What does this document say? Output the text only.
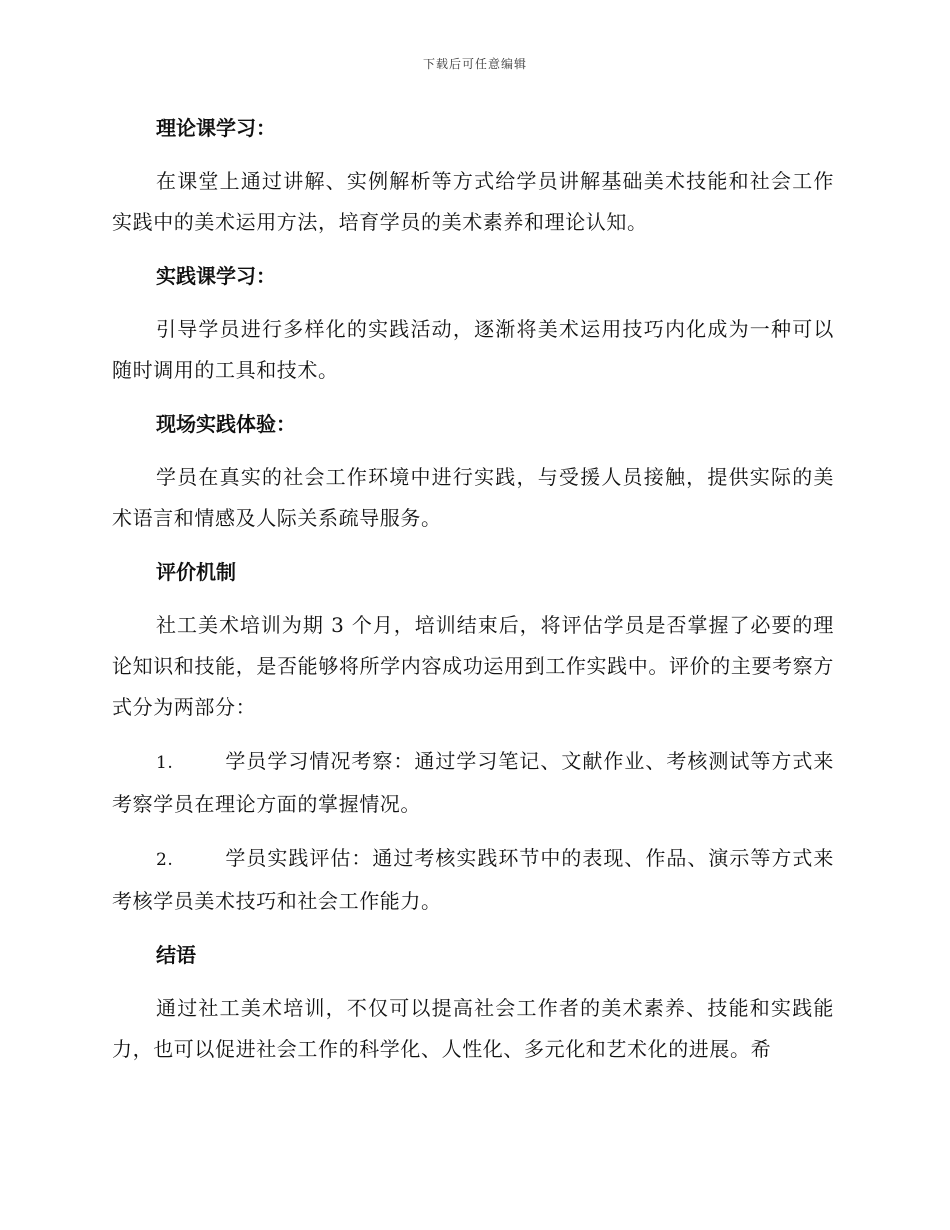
下载后可任意编辑

理论课学习：

在课堂上通过讲解、实例解析等方式给学员讲解基础美术技能和社会工作实践中的美术运用方法，培育学员的美术素养和理论认知。

实践课学习：

引导学员进行多样化的实践活动，逐渐将美术运用技巧内化成为一种可以随时调用的工具和技术。

现场实践体验：

学员在真实的社会工作环境中进行实践，与受援人员接触，提供实际的美术语言和情感及人际关系疏导服务。

评价机制

社工美术培训为期 3 个月，培训结束后，将评估学员是否掌握了必要的理论知识和技能，是否能够将所学内容成功运用到工作实践中。评价的主要考察方式分为两部分：

1.	学员学习情况考察：通过学习笔记、文献作业、考核测试等方式来考察学员在理论方面的掌握情况。

2.	学员实践评估：通过考核实践环节中的表现、作品、演示等方式来考核学员美术技巧和社会工作能力。

结语

通过社工美术培训，不仅可以提高社会工作者的美术素养、技能和实践能力，也可以促进社会工作的科学化、人性化、多元化和艺术化的进展。希
